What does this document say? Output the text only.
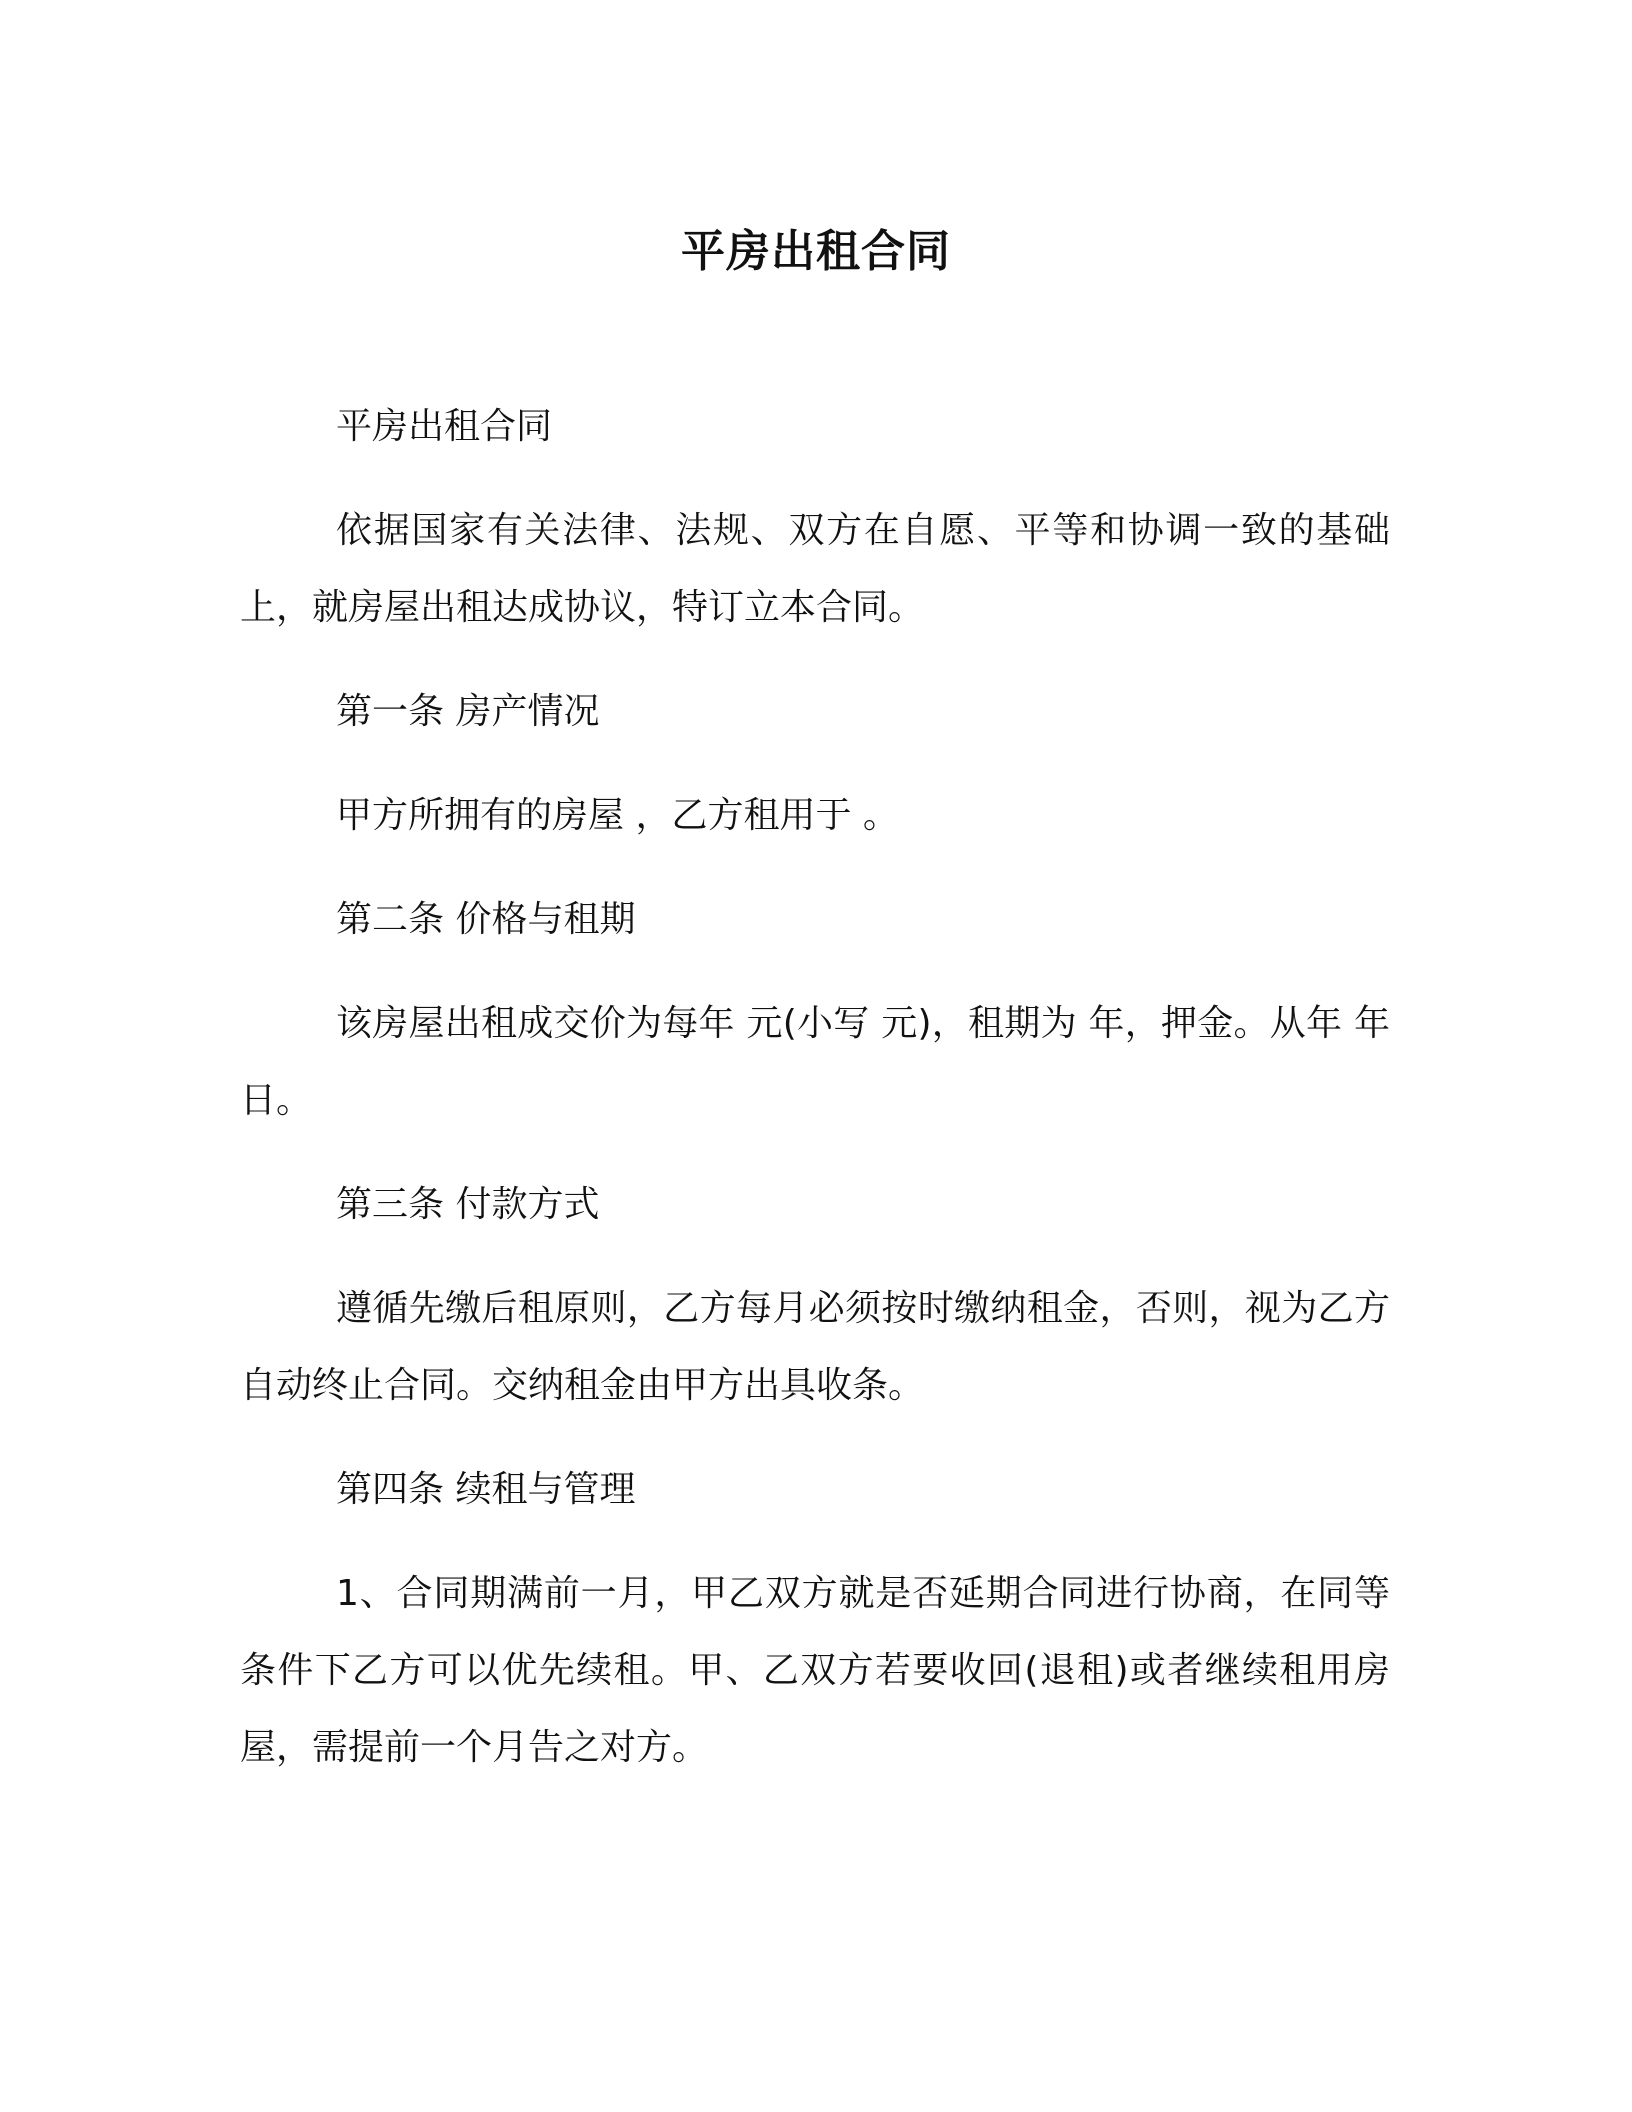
平房出租合同

平房出租合同

依据国家有关法律、法规、双方在自愿、平等和协调一致的基础上，就房屋出租达成协议，特订立本合同。

第一条 房产情况

甲方所拥有的房屋 ，乙方租用于 。

第二条 价格与租期

该房屋出租成交价为每年 元(小写 元)，租期为 年，押金。从年 年 日。

第三条 付款方式

遵循先缴后租原则，乙方每月必须按时缴纳租金，否则，视为乙方自动终止合同。交纳租金由甲方出具收条。

第四条 续租与管理

1、合同期满前一月，甲乙双方就是否延期合同进行协商，在同等条件下乙方可以优先续租。甲、乙双方若要收回(退租)或者继续租用房屋，需提前一个月告之对方。
